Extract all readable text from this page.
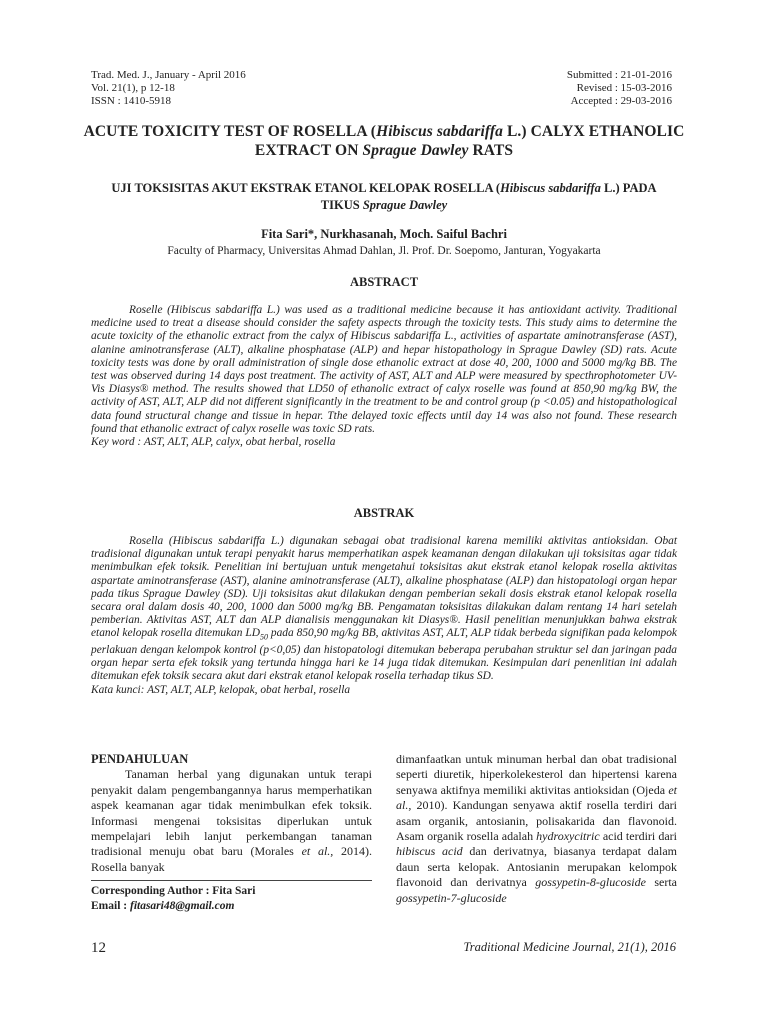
Trad. Med. J., January - April 2016
Vol. 21(1), p 12-18
ISSN : 1410-5918
Submitted : 21-01-2016
Revised : 15-03-2016
Accepted : 29-03-2016
ACUTE TOXICITY TEST OF ROSELLA (Hibiscus sabdariffa L.) CALYX ETHANOLIC EXTRACT ON Sprague Dawley RATS
UJI TOKSISITAS AKUT EKSTRAK ETANOL KELOPAK ROSELLA (Hibiscus sabdariffa L.) PADA TIKUS Sprague Dawley
Fita Sari*, Nurkhasanah, Moch. Saiful Bachri
Faculty of Pharmacy, Universitas Ahmad Dahlan, Jl. Prof. Dr. Soepomo, Janturan, Yogyakarta
ABSTRACT

Roselle (Hibiscus sabdariffa L.) was used as a traditional medicine because it has antioxidant activity. Traditional medicine used to treat a disease should consider the safety aspects through the toxicity tests. This study aims to determine the acute toxicity of the ethanolic extract from the calyx of Hibiscus sabdariffa L., activities of aspartate aminotransferase (AST), alanine aminotransferase (ALT), alkaline phosphatase (ALP) and hepar histopathology in Sprague Dawley (SD) rats. Acute toxicity tests was done by orall administration of single dose ethanolic extract at dose 40, 200, 1000 and 5000 mg/kg BB. The test was observed during 14 days post treatment. The activity of AST, ALT and ALP were measured by specthrophotometer UV-Vis Diasys® method. The results showed that LD50 of ethanolic extract of calyx roselle was found at 850,90 mg/kg BW, the activity of AST, ALT, ALP did not different significantly in the treatment to be and control group (p <0.05) and histopathological data found structural change and tissue in hepar. Tthe delayed toxic effects until day 14 was also not found. These research found that ethanolic extract of calyx roselle was toxic SD rats.

Key word : AST, ALT, ALP, calyx, obat herbal, rosella

ABSTRAK

Rosella (Hibiscus sabdariffa L.) digunakan sebagai obat tradisional karena memiliki aktivitas antioksidan. Obat tradisional digunakan untuk terapi penyakit harus memperhatikan aspek keamanan dengan dilakukan uji toksisitas agar tidak menimbulkan efek toksik. Penelitian ini bertujuan untuk mengetahui toksisitas akut ekstrak etanol kelopak rosella aktivitas aspartate aminotransferase (AST), alanine aminotransferase (ALT), alkaline phosphatase (ALP) dan histopatologi organ hepar pada tikus Sprague Dawley (SD). Uji toksisitas akut dilakukan dengan pemberian sekali dosis ekstrak etanol kelopak rosella secara oral dalam dosis 40, 200, 1000 dan 5000 mg/kg BB. Pengamatan toksisitas dilakukan dalam rentang 14 hari setelah pemberian. Aktivitas AST, ALT dan ALP dianalisis menggunakan kit Diasys®. Hasil penelitian menunjukkan bahwa ekstrak etanol kelopak rosella ditemukan $LD_{50}$ pada 850,90 mg/kg BB, aktivitas AST, ALT, ALP tidak berbeda signifikan pada kelompok perlakuan dengan kelompok kontrol (p<0,05) dan histopatologi ditemukan beberapa perubahan struktur sel dan jaringan pada organ hepar serta efek toksik yang tertunda hingga hari ke 14 juga tidak ditemukan. Kesimpulan dari penenlitian ini adalah ditemukan efek toksik secara akut dari ekstrak etanol kelopak rosella terhadap tikus SD.

Kata kunci: AST, ALT, ALP, kelopak, obat herbal, rosella

PENDAHULUAN

Tanaman herbal yang digunakan untuk terapi penyakit dalam pengembangannya harus memperhatikan aspek keamanan agar tidak menimbulkan efek toksik. Informasi mengenai toksisitas diperlukan untuk mempelajari lebih lanjut perkembangan tanaman tradisional menuju obat baru (Morales et al., 2014). Rosella banyak

dimanfaatkan untuk minuman herbal dan obat tradisional seperti diuretik, hiperkolekesterol dan hipertensi karena senyawa aktifnya memiliki aktivitas antioksidan (Ojeda et al., 2010). Kandungan senyawa aktif rosella terdiri dari asam organik, antosianin, polisakarida dan flavonoid. Asam organik rosella adalah hydroxycitric acid terdiri dari hibiscus acid dan derivatnya, biasanya terdapat dalam daun serta kelopak. Antosianin merupakan kelompok flavonoid dan derivatnya gossypetin-8-glucoside serta gossypetin-7-glucoside

Corresponding Author : Fita Sari
Email : fitasari48@gmail.com
12	Traditional Medicine Journal, 21(1), 2016
